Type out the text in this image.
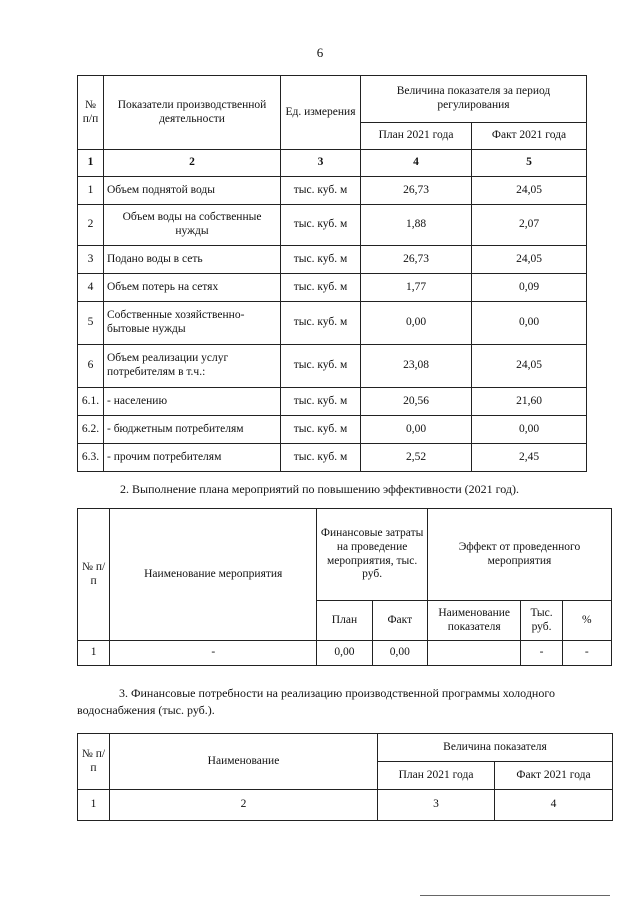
6
№ п/п	Показатели производственной деятельности	Ед. измерения	Величина показателя за период регулирования	
			План 2021 года	Факт 2021 года
1	2	3	4	5
1	Объем поднятой воды	тыс. куб. м	26,73	24,05
2	Объем воды на собственные нужды	тыс. куб. м	1,88	2,07
3	Подано воды в сеть	тыс. куб. м	26,73	24,05
4	Объем потерь на сетях	тыс. куб. м	1,77	0,09
5	Собственные хозяйственно-бытовые нужды	тыс. куб. м	0,00	0,00
6	Объем реализации услуг потребителям в т.ч.:	тыс. куб. м	23,08	24,05
6.1.	- населению	тыс. куб. м	20,56	21,60
6.2.	- бюджетным потребителям	тыс. куб. м	0,00	0,00
6.3.	- прочим потребителям	тыс. куб. м	2,52	2,45
2. Выполнение плана мероприятий по повышению эффективности (2021 год).
№ п/п	Наименование мероприятия	Финансовые затраты на проведение мероприятия, тыс. руб.		Эффект от проведенного мероприятия		
		План	Факт	Наименование показателя	Тыс. руб.	%
1	-	0,00	0,00		-	-
3. Финансовые потребности на реализацию производственной программы холодного
водоснабжения (тыс. руб.).
№ п/п	Наименование	Величина показателя	
		План 2021 года	Факт 2021 года
1	2	3	4
